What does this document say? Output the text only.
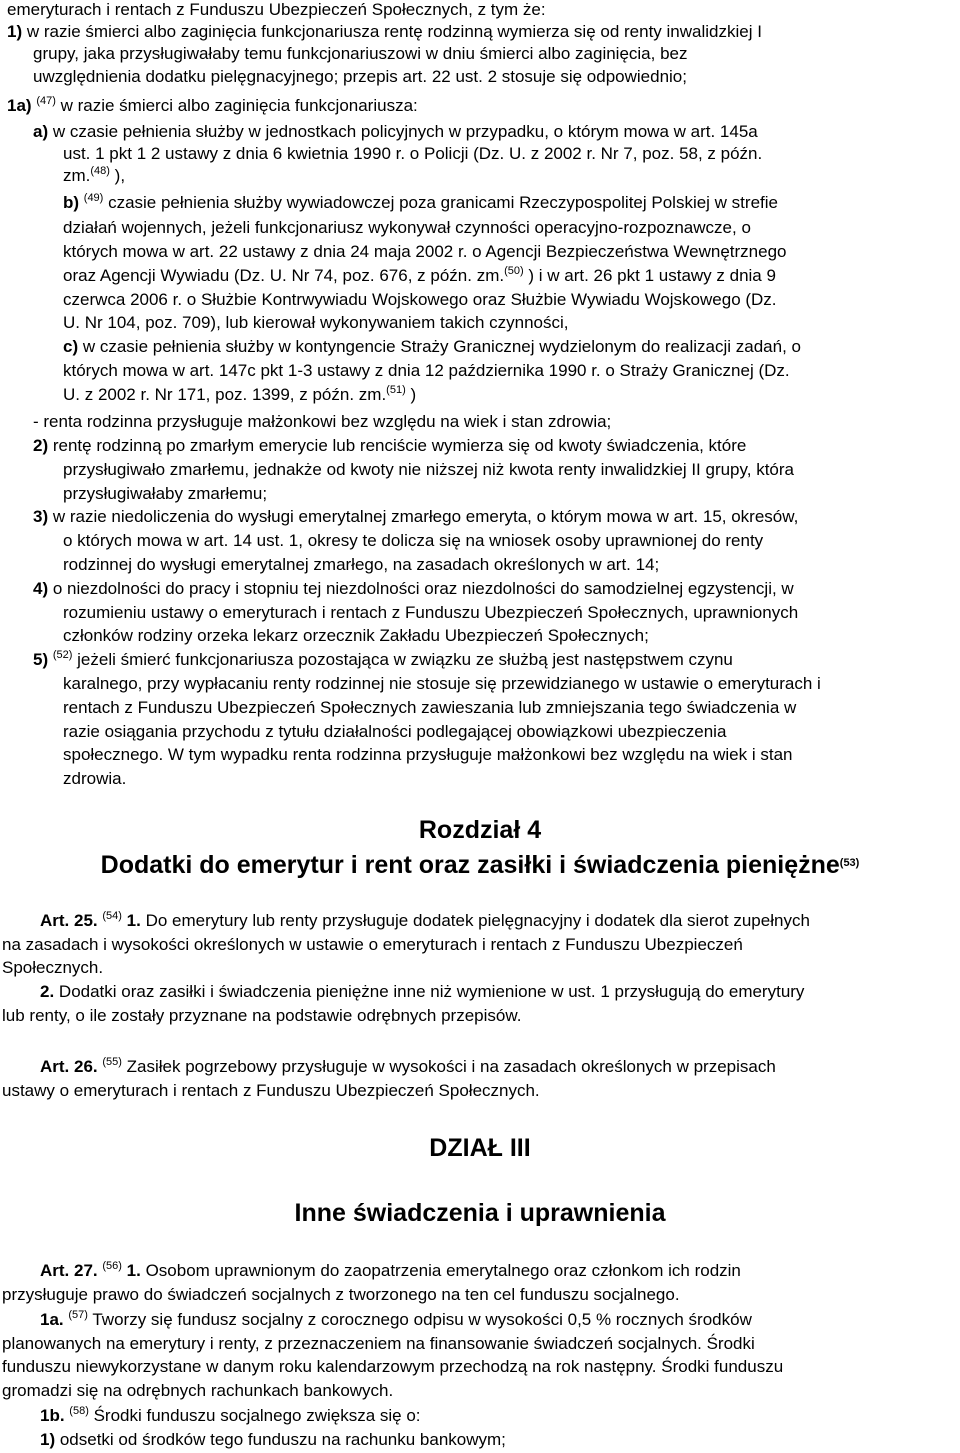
emeryturach i rentach z Funduszu Ubezpieczeń Społecznych, z tym że:
1) w razie śmierci albo zaginięcia funkcjonariusza rentę rodzinną wymierza się od renty inwalidzkiej I
grupy, jaka przysługiwałaby temu funkcjonariuszowi w dniu śmierci albo zaginięcia, bez
uwzględnienia dodatku pielęgnacyjnego; przepis art. 22 ust. 2 stosuje się odpowiednio;
1a) $^{(47)}$ w razie śmierci albo zaginięcia funkcjonariusza:
a) w czasie pełnienia służby w jednostkach policyjnych w przypadku, o którym mowa w art. 145a
ust. 1 pkt 1 2 ustawy z dnia 6 kwietnia 1990 r. o Policji (Dz. U. z 2002 r. Nr 7, poz. 58, z późn.
zm.$^{(48)}$ ),
b) $^{(49)}$ czasie pełnienia służby wywiadowczej poza granicami Rzeczypospolitej Polskiej w strefie
działań wojennych, jeżeli funkcjonariusz wykonywał czynności operacyjno-rozpoznawcze, o
których mowa w art. 22 ustawy z dnia 24 maja 2002 r. o Agencji Bezpieczeństwa Wewnętrznego
oraz Agencji Wywiadu (Dz. U. Nr 74, poz. 676, z późn. zm.$^{(50)}$ ) i w art. 26 pkt 1 ustawy z dnia 9
czerwca 2006 r. o Służbie Kontrwywiadu Wojskowego oraz Służbie Wywiadu Wojskowego (Dz.
U. Nr 104, poz. 709), lub kierował wykonywaniem takich czynności,
c) w czasie pełnienia służby w kontyngencie Straży Granicznej wydzielonym do realizacji zadań, o
których mowa w art. 147c pkt 1-3 ustawy z dnia 12 października 1990 r. o Straży Granicznej (Dz.
U. z 2002 r. Nr 171, poz. 1399, z późn. zm.$^{(51)}$ )
- renta rodzinna przysługuje małżonkowi bez względu na wiek i stan zdrowia;
2) rentę rodzinną po zmarłym emerycie lub renciście wymierza się od kwoty świadczenia, które
przysługiwało zmarłemu, jednakże od kwoty nie niższej niż kwota renty inwalidzkiej II grupy, która
przysługiwałaby zmarłemu;
3) w razie niedoliczenia do wysługi emerytalnej zmarłego emeryta, o którym mowa w art. 15, okresów,
o których mowa w art. 14 ust. 1, okresy te dolicza się na wniosek osoby uprawnionej do renty
rodzinnej do wysługi emerytalnej zmarłego, na zasadach określonych w art. 14;
4) o niezdolności do pracy i stopniu tej niezdolności oraz niezdolności do samodzielnej egzystencji, w
rozumieniu ustawy o emeryturach i rentach z Funduszu Ubezpieczeń Społecznych, uprawnionych
członków rodziny orzeka lekarz orzecznik Zakładu Ubezpieczeń Społecznych;
5) $^{(52)}$ jeżeli śmierć funkcjonariusza pozostająca w związku ze służbą jest następstwem czynu
karalnego, przy wypłacaniu renty rodzinnej nie stosuje się przewidzianego w ustawie o emeryturach i
rentach z Funduszu Ubezpieczeń Społecznych zawieszania lub zmniejszania tego świadczenia w
razie osiągania przychodu z tytułu działalności podlegającej obowiązkowi ubezpieczenia
społecznego. W tym wypadku renta rodzinna przysługuje małżonkowi bez względu na wiek i stan
zdrowia.
Rozdział 4
Dodatki do emerytur i rent oraz zasiłki i świadczenia pieniężne$^{(53)}$
Art. 25. $^{(54)}$ 1. Do emerytury lub renty przysługuje dodatek pielęgnacyjny i dodatek dla sierot zupełnych
na zasadach i wysokości określonych w ustawie o emeryturach i rentach z Funduszu Ubezpieczeń
Społecznych.
2. Dodatki oraz zasiłki i świadczenia pieniężne inne niż wymienione w ust. 1 przysługują do emerytury
lub renty, o ile zostały przyznane na podstawie odrębnych przepisów.
Art. 26. $^{(55)}$ Zasiłek pogrzebowy przysługuje w wysokości i na zasadach określonych w przepisach
ustawy o emeryturach i rentach z Funduszu Ubezpieczeń Społecznych.
DZIAŁ III
Inne świadczenia i uprawnienia
Art. 27. $^{(56)}$ 1. Osobom uprawnionym do zaopatrzenia emerytalnego oraz członkom ich rodzin
przysługuje prawo do świadczeń socjalnych z tworzonego na ten cel funduszu socjalnego.
1a. $^{(57)}$ Tworzy się fundusz socjalny z corocznego odpisu w wysokości 0,5 % rocznych środków
planowanych na emerytury i renty, z przeznaczeniem na finansowanie świadczeń socjalnych. Środki
funduszu niewykorzystane w danym roku kalendarzowym przechodzą na rok następny. Środki funduszu
gromadzi się na odrębnych rachunkach bankowych.
1b. $^{(58)}$ Środki funduszu socjalnego zwiększa się o:
1) odsetki od środków tego funduszu na rachunku bankowym;
